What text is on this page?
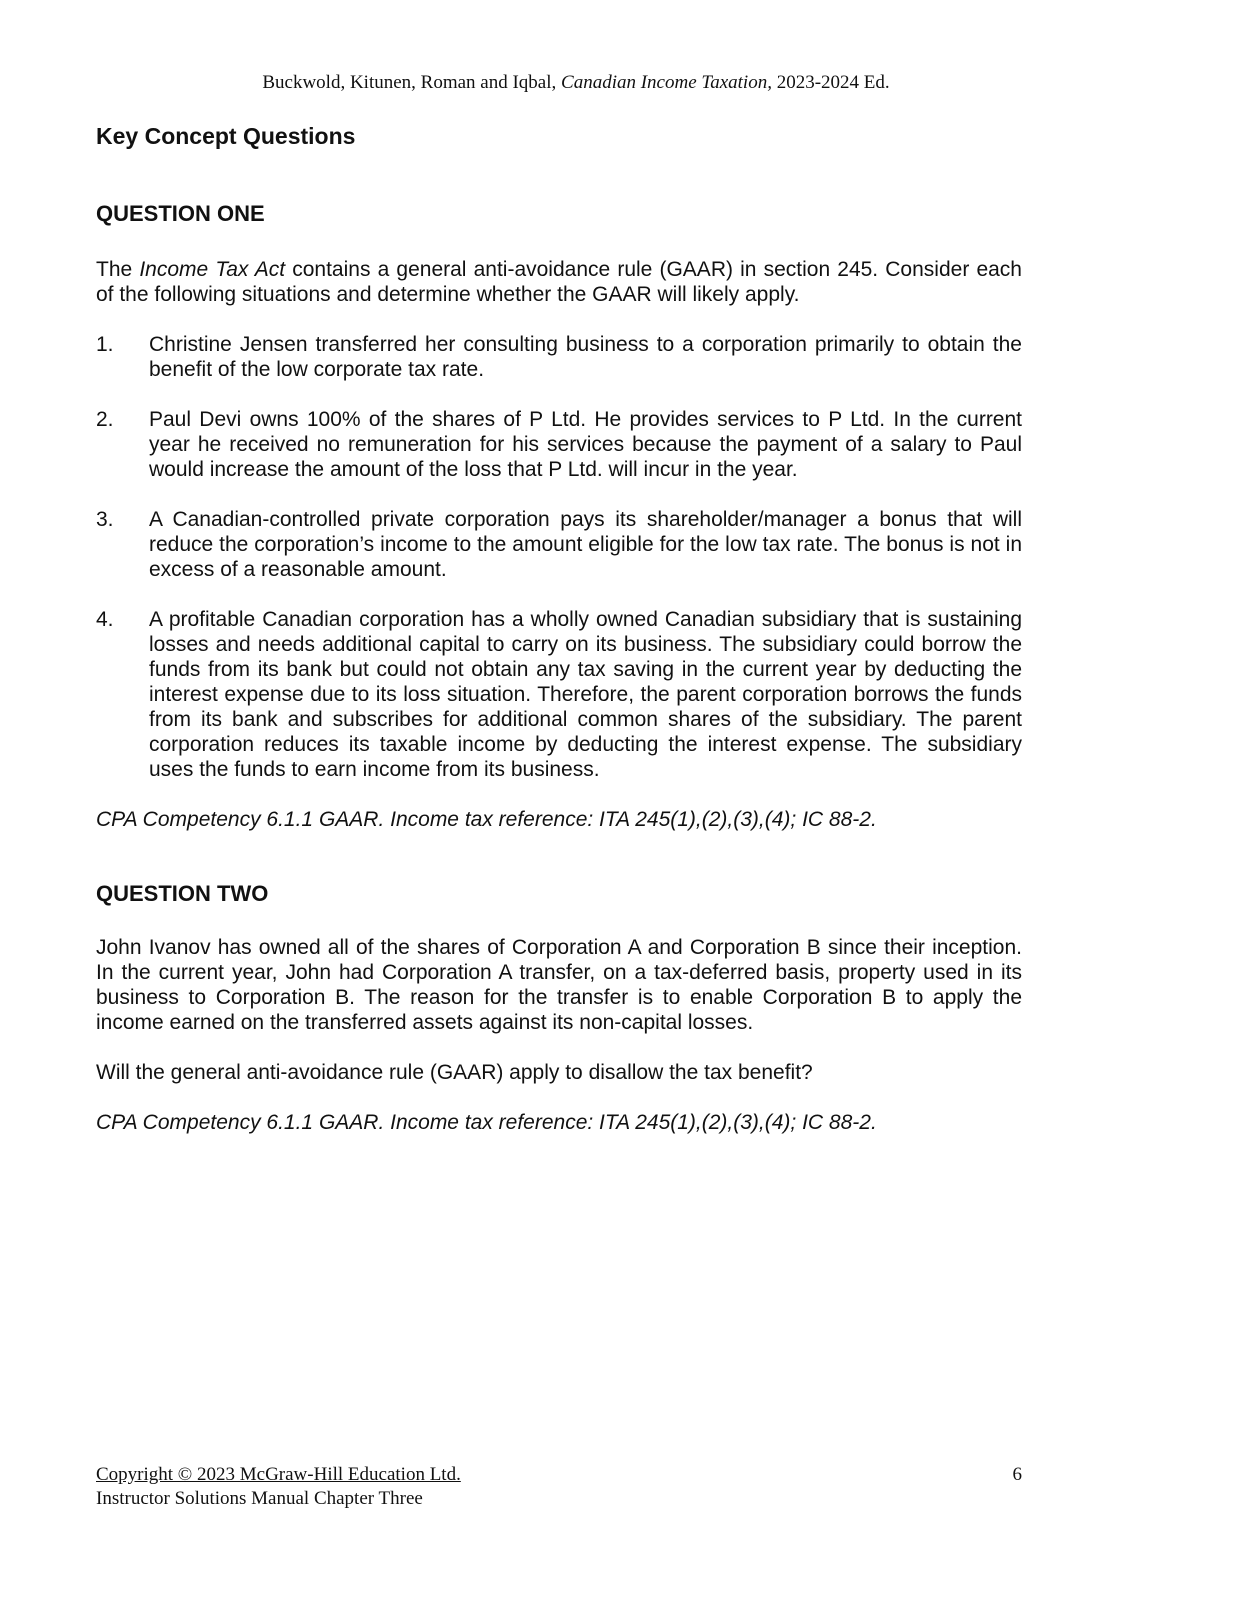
Buckwold, Kitunen, Roman and Iqbal, Canadian Income Taxation, 2023-2024 Ed.
Key Concept Questions
QUESTION ONE

The Income Tax Act contains a general anti-avoidance rule (GAAR) in section 245. Consider each of the following situations and determine whether the GAAR will likely apply.

1.	Christine Jensen transferred her consulting business to a corporation primarily to obtain the benefit of the low corporate tax rate.
2.	Paul Devi owns 100% of the shares of P Ltd. He provides services to P Ltd. In the current year he received no remuneration for his services because the payment of a salary to Paul would increase the amount of the loss that P Ltd. will incur in the year.
3.	A Canadian-controlled private corporation pays its shareholder/manager a bonus that will reduce the corporation’s income to the amount eligible for the low tax rate. The bonus is not in excess of a reasonable amount.
4.	A profitable Canadian corporation has a wholly owned Canadian subsidiary that is sustaining losses and needs additional capital to carry on its business. The subsidiary could borrow the funds from its bank but could not obtain any tax saving in the current year by deducting the interest expense due to its loss situation. Therefore, the parent corporation borrows the funds from its bank and subscribes for additional common shares of the subsidiary. The parent corporation reduces its taxable income by deducting the interest expense. The subsidiary uses the funds to earn income from its business.

CPA Competency 6.1.1 GAAR. Income tax reference: ITA 245(1),(2),(3),(4); IC 88-2.

QUESTION TWO

John Ivanov has owned all of the shares of Corporation A and Corporation B since their inception. In the current year, John had Corporation A transfer, on a tax-deferred basis, property used in its business to Corporation B. The reason for the transfer is to enable Corporation B to apply the income earned on the transferred assets against its non-capital losses.

Will the general anti-avoidance rule (GAAR) apply to disallow the tax benefit?

CPA Competency 6.1.1 GAAR. Income tax reference: ITA 245(1),(2),(3),(4); IC 88-2.

Copyright © 2023 McGraw-Hill Education Ltd.
Instructor Solutions Manual Chapter Three
6
